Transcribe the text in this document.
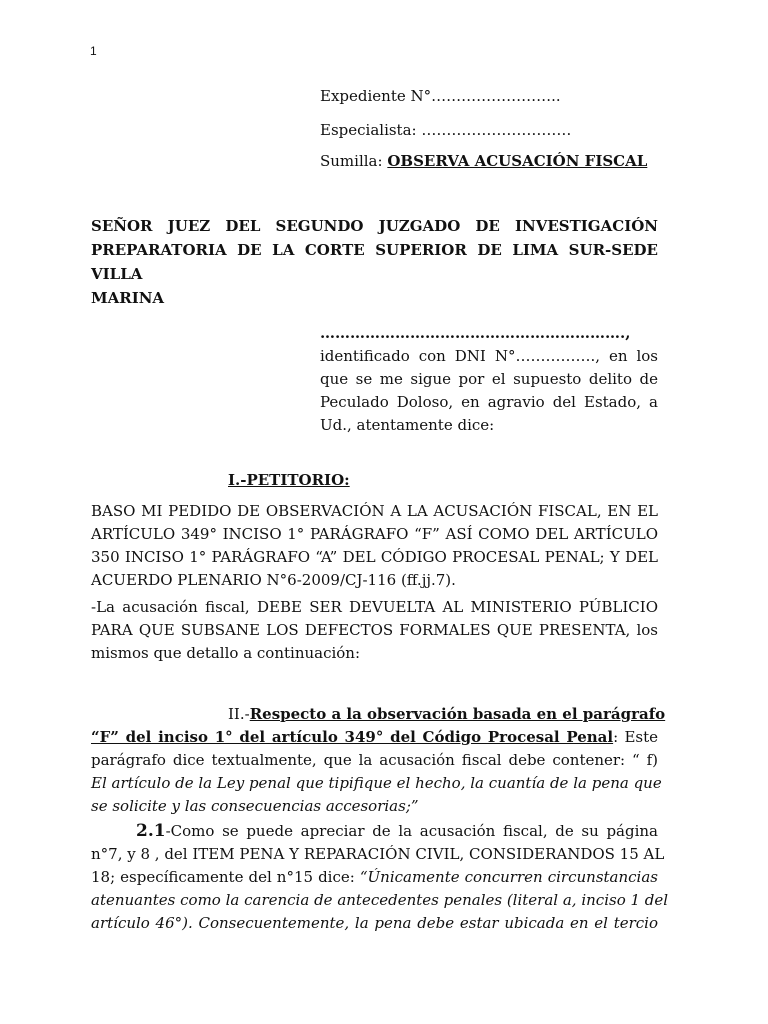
1
Expediente N°……………………..
Especialista: …………………………
Sumilla: OBSERVA ACUSACIÓN FISCAL
SEÑOR JUEZ DEL SEGUNDO JUZGADO DE INVESTIGACIÓN
PREPARATORIA DE LA CORTE SUPERIOR DE LIMA SUR-SEDE VILLA
MARINA
…………………………………………………….,
identificado con DNI N°……………., en los
que se me sigue por el supuesto delito de
Peculado Doloso, en agravio del Estado, a
Ud., atentamente dice:
I.-PETITORIO:
BASO MI PEDIDO DE OBSERVACIÓN A LA ACUSACIÓN FISCAL, EN EL
ARTÍCULO 349° INCISO 1° PARÁGRAFO “F” ASÍ COMO DEL ARTÍCULO
350 INCISO 1° PARÁGRAFO “A” DEL CÓDIGO PROCESAL PENAL; Y DEL
ACUERDO PLENARIO N°6-2009/CJ-116 (ff.jj.7).
-La acusación fiscal, DEBE SER DEVUELTA AL MINISTERIO PÚBLICIO
PARA QUE SUBSANE LOS DEFECTOS FORMALES QUE PRESENTA, los
mismos que detallo a continuación:
II.-Respecto a la observación basada en el parágrafo
“F” del inciso 1° del artículo 349° del Código Procesal Penal: Este
parágrafo dice textualmente, que la acusación fiscal debe contener: “ f)
El artículo de la Ley penal que tipifique el hecho, la cuantía de la pena que
se solicite y las consecuencias accesorias;”
2.1-Como se puede apreciar de la acusación fiscal, de su página
n°7, y 8 , del ITEM PENA Y REPARACIÓN CIVIL, CONSIDERANDOS 15 AL
18; específicamente del n°15 dice: “Únicamente concurren circunstancias
atenuantes como la carencia de antecedentes penales (literal a, inciso 1 del
artículo 46°). Consecuentemente, la pena debe estar ubicada en el tercio
